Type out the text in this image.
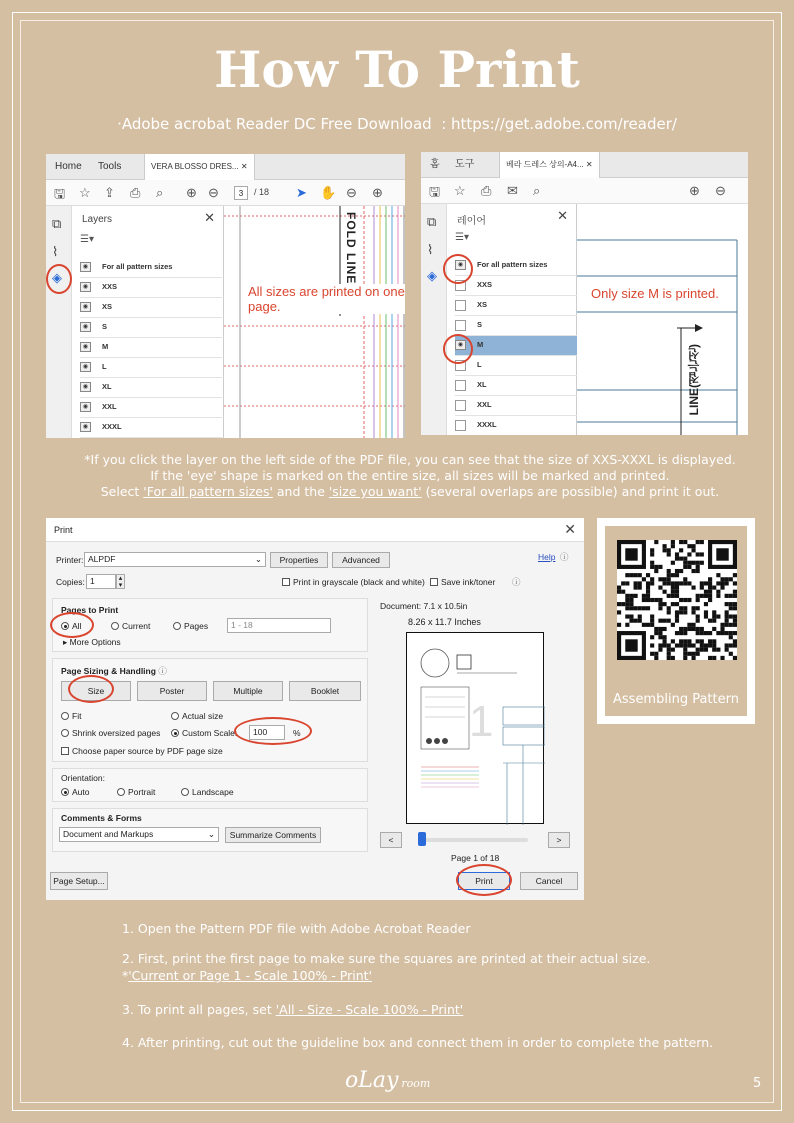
How To Print
·Adobe acrobat Reader DC Free Download  : https://get.adobe.com/reader/
Home Tools	VERA BLOSSO DRES... ✕
🖫 ☆ ⇪ ⎙ ⌕ ⊕ ⊖	3	/ 18 ➤ ✋ ⊖ ⊕
⧉
⌇
◈
Layers	✕
☰▾
◉	For all pattern sizes
◉	XXS
◉	XS
◉	S
◉	M
◉	L
◉	XL
◉	XXL
◉	XXXL
FOLD LINE
All sizes are printed on one page.
홈 도구	베라 드레스 상의-A4... ✕
🖫 ☆ ⎙ ✉ ⌕	⊕ ⊖
⧉
⌇
◈
레이어	✕
☰▾
◉	For all pattern sizes
XXS
XS
S
◉	M
L
XL
XXL
XXXL
LINE(접는선)
Only size M is printed.
*If you click the layer on the left side of the PDF file, you can see that the size of XXS-XXXL is displayed.
If the 'eye' shape is marked on the entire size, all sizes will be marked and printed.
Select 'For all pattern sizes' and the 'size you want' (several overlaps are possible) and print it out.
Print	✕
Printer: ALPDF	⌄	Properties	Advanced	Help ⓘ
Copies: 1	▴
▾	Print in grayscale (black and white)	Save ink/toner ⓘ
Pages to Print
All	Current	Pages	1 - 18
▸ More Options
Page Sizing & Handling ⓘ
Size	Poster	Multiple	Booklet
Fit	Actual size
Shrink oversized pages	Custom Scale:	100	%
Choose paper source by PDF page size
Orientation:
Auto	Portrait	Landscape
Comments & Forms
Document and Markups	⌄	Summarize Comments
Document: 7.1 x 10.5in
8.26 x 11.7 Inches
1
<	>
Page 1 of 18
Page Setup...	Print	Cancel
Assembling Pattern
1. Open the Pattern PDF file with Adobe Acrobat Reader
2. First, print the first page to make sure the squares are printed at their actual size.
*'Current or Page 1 - Scale 100% - Print'
3. To print all pages, set 'All - Size - Scale 100% - Print'
4. After printing, cut out the guideline box and connect them in order to complete the pattern.
oLay room	5
